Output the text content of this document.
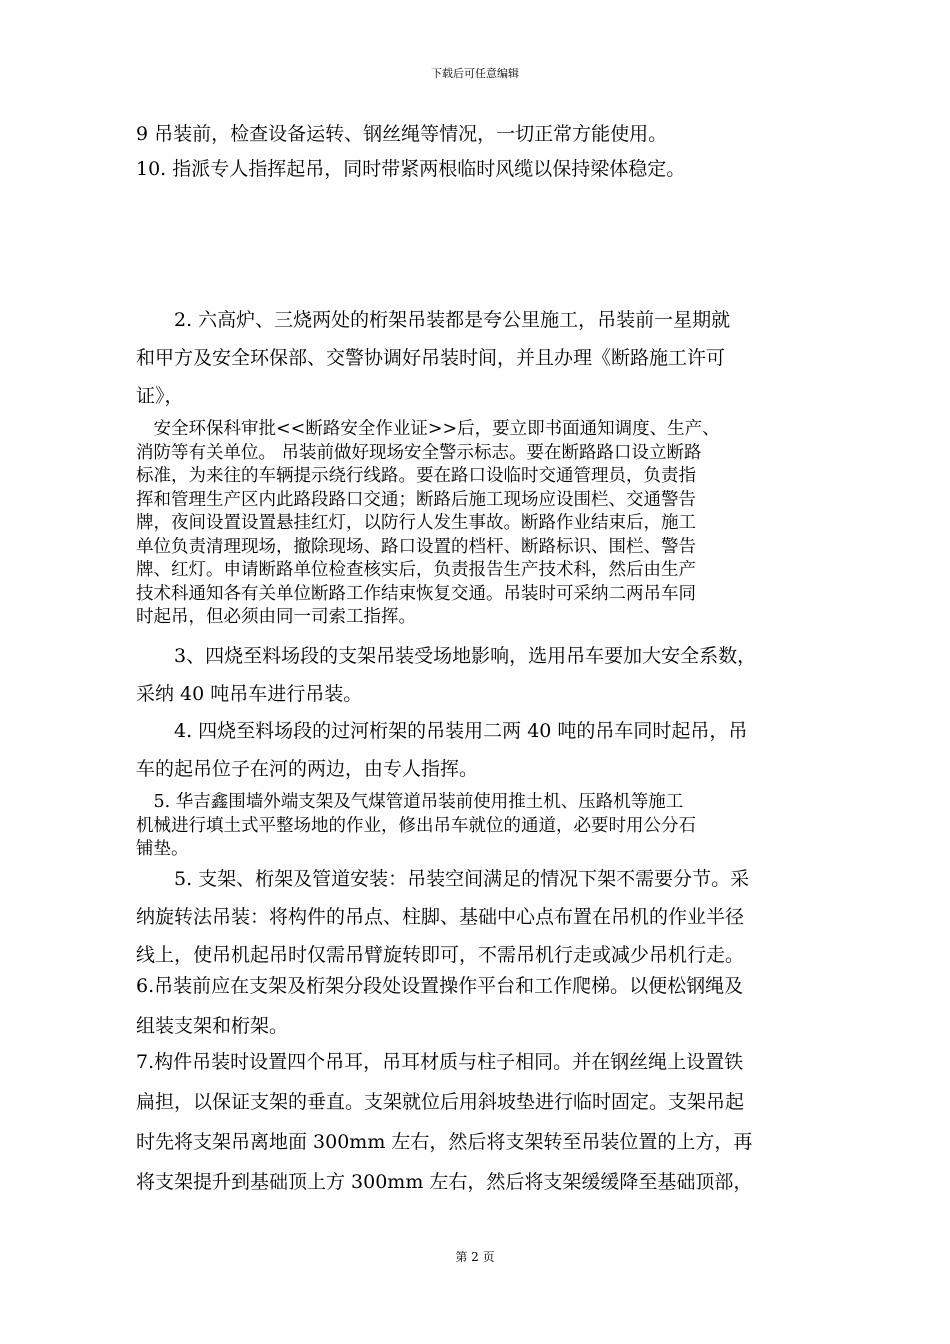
下载后可任意编辑
9 吊装前，检查设备运转、钢丝绳等情况，一切正常方能使用。
10. 指派专人指挥起吊，同时带紧两根临时风缆以保持梁体稳定。
　　2. 六高炉、三烧两处的桁架吊装都是夸公里施工，吊装前一星期就
和甲方及安全环保部、交警协调好吊装时间，并且办理《断路施工许可
证》，
　安全环保科审批<<断路安全作业证>>后，要立即书面通知调度、生产、
消防等有关单位。 吊装前做好现场安全警示标志。要在断路路口设立断路
标准，为来往的车辆提示绕行线路。要在路口设临时交通管理员，负责指
挥和管理生产区内此路段路口交通；断路后施工现场应设围栏、交通警告
牌，夜间设置设置悬挂红灯，以防行人发生事故。断路作业结束后，施工
单位负责清理现场，撤除现场、路口设置的档杆、断路标识、围栏、警告
牌、红灯。申请断路单位检查核实后，负责报告生产技术科，然后由生产
技术科通知各有关单位断路工作结束恢复交通。吊装时可采纳二两吊车同
时起吊，但必须由同一司索工指挥。
　　3、四烧至料场段的支架吊装受场地影响，选用吊车要加大安全系数，
采纳 40 吨吊车进行吊装。
　　4. 四烧至料场段的过河桁架的吊装用二两 40 吨的吊车同时起吊，吊
车的起吊位子在河的两边，由专人指挥。
　5. 华吉鑫围墙外端支架及气煤管道吊装前使用推土机、压路机等施工
机械进行填土式平整场地的作业，修出吊车就位的通道，必要时用公分石
铺垫。
　　5. 支架、桁架及管道安装：吊装空间满足的情况下架不需要分节。采
纳旋转法吊装：将构件的吊点、柱脚、基础中心点布置在吊机的作业半径
线上，使吊机起吊时仅需吊臂旋转即可，不需吊机行走或减少吊机行走。
6.吊装前应在支架及桁架分段处设置操作平台和工作爬梯。以便松钢绳及
组装支架和桁架。
7.构件吊装时设置四个吊耳，吊耳材质与柱子相同。并在钢丝绳上设置铁
扁担，以保证支架的垂直。支架就位后用斜坡垫进行临时固定。支架吊起
时先将支架吊离地面 300mm 左右，然后将支架转至吊装位置的上方，再
将支架提升到基础顶上方 300mm 左右，然后将支架缓缓降至基础顶部，
第 2 页
